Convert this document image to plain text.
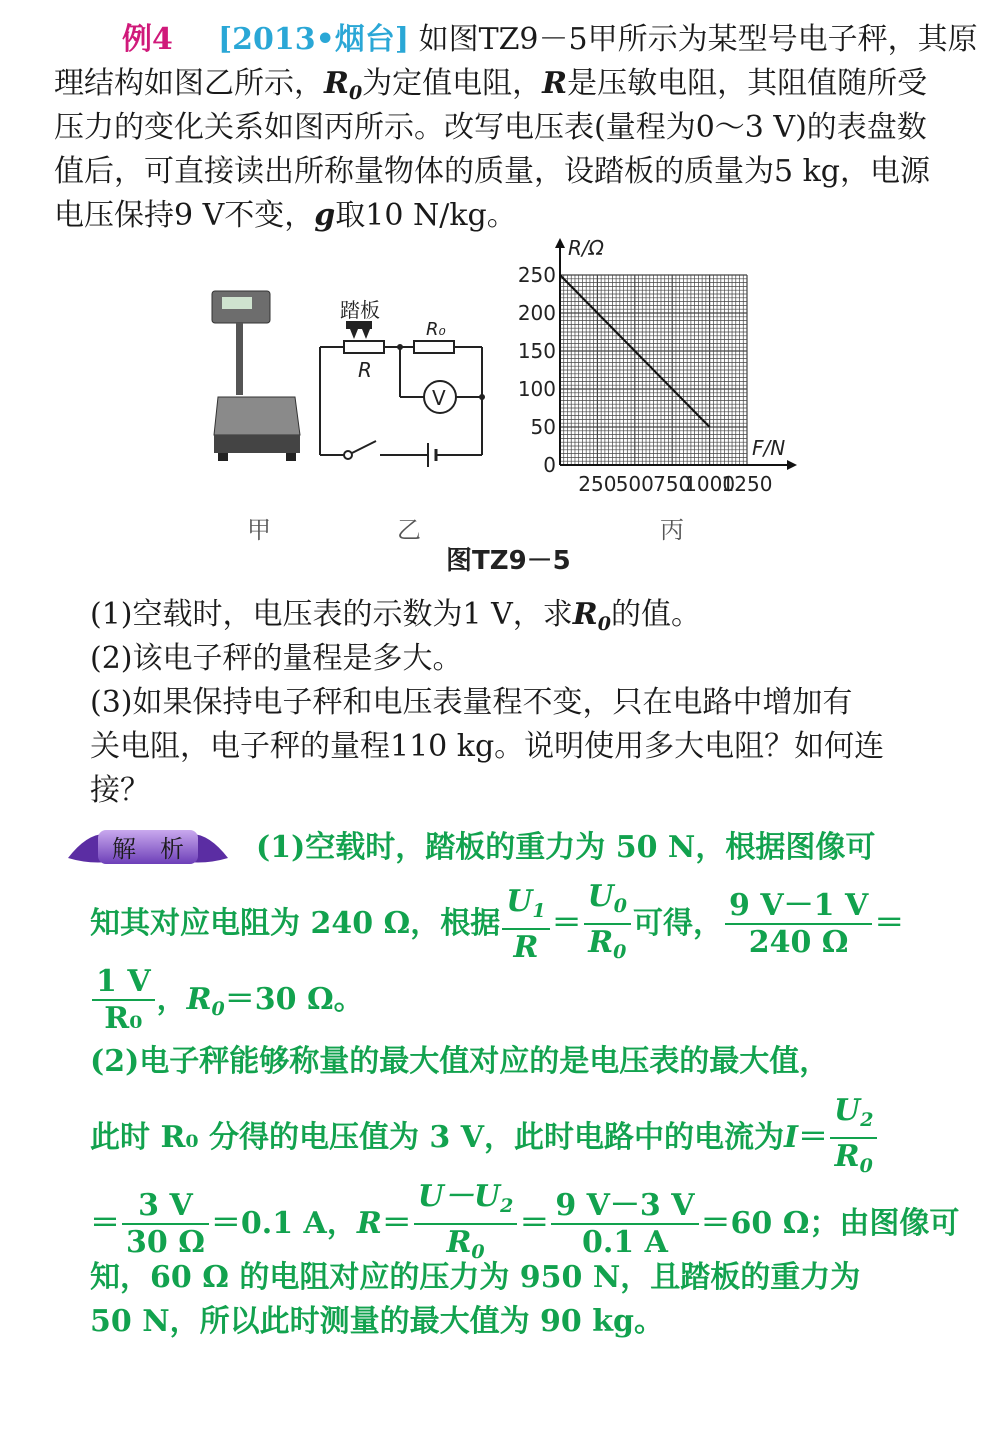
例4 [2013•烟台] 如图TZ9－5甲所示为某型号电子秤，其原
理结构如图乙所示，$R_0$为定值电阻，R是压敏电阻，其阻值随所受
压力的变化关系如图丙所示。改写电压表(量程为0～3 V)的表盘数
值后，可直接读出所称量物体的质量，设踏板的质量为5 kg，电源
电压保持9 V不变，g取10 N/kg。
踏板
R
R₀
V
R/Ω
F/N
0
50
100
150
200
250
250 500 750
1000
1250
甲	乙	丙
图TZ9－5
(1)空载时，电压表的示数为1 V，求$R_0$的值。
(2)该电子秤的量程是多大。
(3)如果保持电子秤和电压表量程不变，只在电路中增加有
关电阻，电子秤的量程110 kg。说明使用多大电阻？如何连
接？
解　析 (1)空载时，踏板的重力为 50 N，根据图像可
知其对应电阻为 240 Ω，根据 $\frac{U_1}{R} = \frac{U_0}{R_0}$ 可得， $\frac{9 V-1 V}{240 \Omega}$ ＝
$\frac{1 V}{\text{R₀}}$ ，$R_0=30$ Ω。
(2)电子秤能够称量的最大值对应的是电压表的最大值，
此时 R₀ 分得的电压值为 3 V，此时电路中的电流为$I= \frac{U_2}{R_0}$
＝ $\frac{3 V}{30 \Omega} =0.1$ A，$R= \frac{U-U_2}{R_0} = \frac{9 V-3 V}{0.1 A} =60$ Ω；由图像可
知，60 Ω 的电阻对应的压力为 950 N，且踏板的重力为
50 N，所以此时测量的最大值为 90 kg。
